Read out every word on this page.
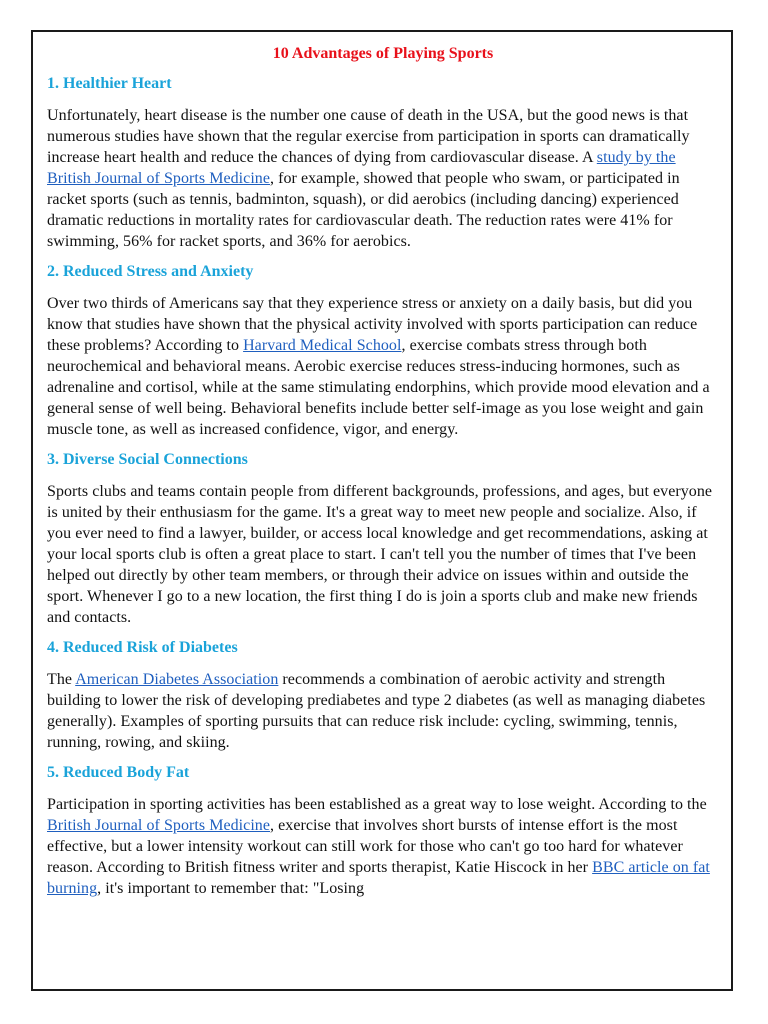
10 Advantages of Playing Sports
1. Healthier Heart

Unfortunately, heart disease is the number one cause of death in the USA, but the good news is that numerous studies have shown that the regular exercise from participation in sports can dramatically increase heart health and reduce the chances of dying from cardiovascular disease. A study by the British Journal of Sports Medicine, for example, showed that people who swam, or participated in racket sports (such as tennis, badminton, squash), or did aerobics (including dancing) experienced dramatic reductions in mortality rates for cardiovascular death. The reduction rates were 41% for swimming, 56% for racket sports, and 36% for aerobics.

2. Reduced Stress and Anxiety

Over two thirds of Americans say that they experience stress or anxiety on a daily basis, but did you know that studies have shown that the physical activity involved with sports participation can reduce these problems? According to Harvard Medical School, exercise combats stress through both neurochemical and behavioral means. Aerobic exercise reduces stress-inducing hormones, such as adrenaline and cortisol, while at the same stimulating endorphins, which provide mood elevation and a general sense of well being. Behavioral benefits include better self-image as you lose weight and gain muscle tone, as well as increased confidence, vigor, and energy.

3. Diverse Social Connections

Sports clubs and teams contain people from different backgrounds, professions, and ages, but everyone is united by their enthusiasm for the game. It's a great way to meet new people and socialize. Also, if you ever need to find a lawyer, builder, or access local knowledge and get recommendations, asking at your local sports club is often a great place to start. I can't tell you the number of times that I've been helped out directly by other team members, or through their advice on issues within and outside the sport. Whenever I go to a new location, the first thing I do is join a sports club and make new friends and contacts.

4. Reduced Risk of Diabetes

The American Diabetes Association recommends a combination of aerobic activity and strength building to lower the risk of developing prediabetes and type 2 diabetes (as well as managing diabetes generally). Examples of sporting pursuits that can reduce risk include: cycling, swimming, tennis, running, rowing, and skiing.

5. Reduced Body Fat

Participation in sporting activities has been established as a great way to lose weight. According to the British Journal of Sports Medicine, exercise that involves short bursts of intense effort is the most effective, but a lower intensity workout can still work for those who can't go too hard for whatever reason. According to British fitness writer and sports therapist, Katie Hiscock in her BBC article on fat burning, it's important to remember that: "Losing
